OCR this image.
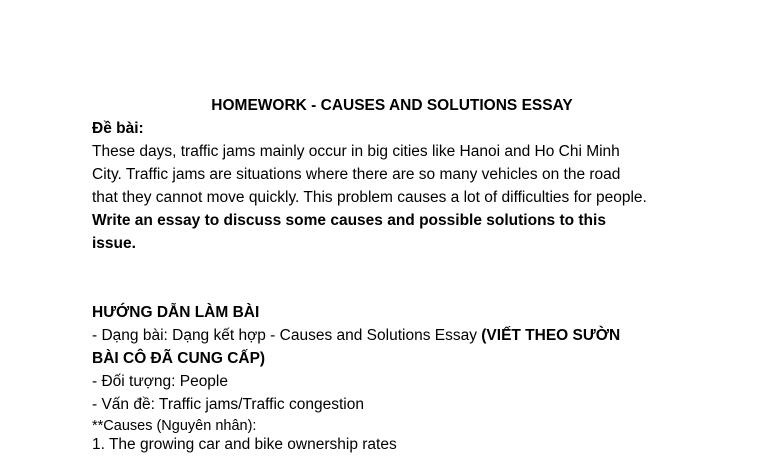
HOMEWORK - CAUSES AND SOLUTIONS ESSAY
Đề bài:
These days, traffic jams mainly occur in big cities like Hanoi and Ho Chi Minh
City. Traffic jams are situations where there are so many vehicles on the road
that they cannot move quickly. This problem causes a lot of difficulties for people.
Write an essay to discuss some causes and possible solutions to this
issue.
HƯỚNG DẪN LÀM BÀI
- Dạng bài: Dạng kết hợp - Causes and Solutions Essay (VIẾT THEO SƯỜN
BÀI CÔ ĐÃ CUNG CẤP)
- Đối tượng: People
- Vấn đề: Traffic jams/Traffic congestion
**Causes (Nguyên nhân):
1. The growing car and bike ownership rates
